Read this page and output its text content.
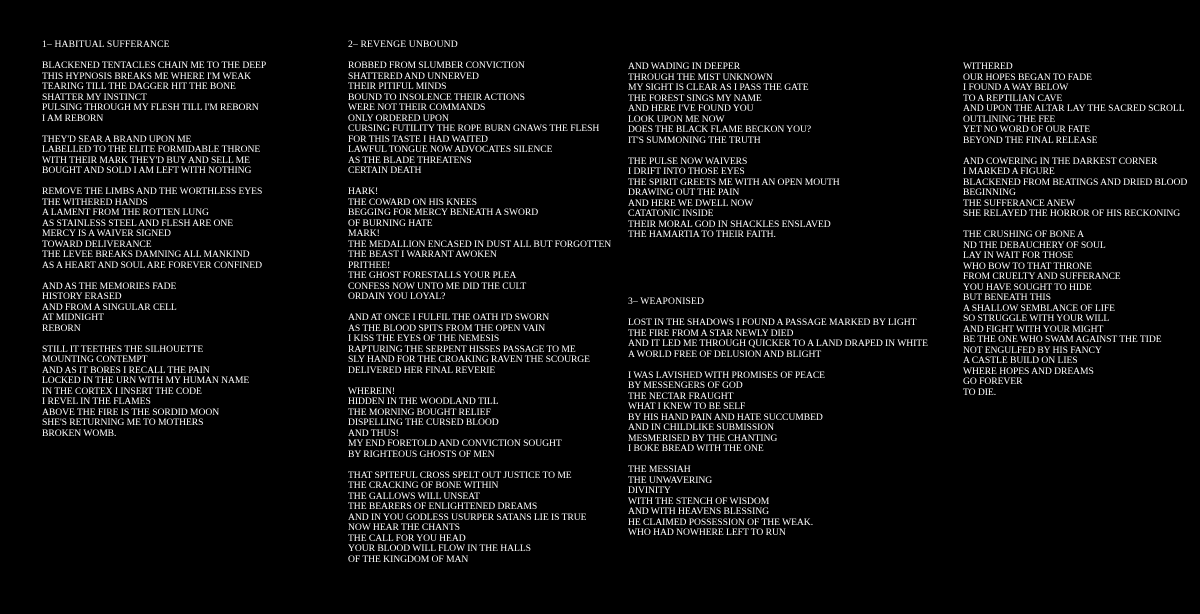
1– HABITUAL SUFFERANCE
BLACKENED TENTACLES CHAIN ME TO THE DEEP
THIS HYPNOSIS BREAKS ME WHERE I'M WEAK
TEARING TILL THE DAGGER HIT THE BONE
SHATTER MY INSTINCT
PULSING THROUGH MY FLESH TILL I'M REBORN
I AM REBORN
THEY'D SEAR A BRAND UPON ME
LABELLED TO THE ELITE FORMIDABLE THRONE
WITH THEIR MARK THEY'D BUY AND SELL ME
BOUGHT AND SOLD I AM LEFT WITH NOTHING
REMOVE THE LIMBS AND THE WORTHLESS EYES
THE WITHERED HANDS
A LAMENT FROM THE ROTTEN LUNG
AS STAINLESS STEEL AND FLESH ARE ONE
MERCY IS A WAIVER SIGNED
TOWARD DELIVERANCE
THE LEVEE BREAKS DAMNING ALL MANKIND
AS A HEART AND SOUL ARE FOREVER CONFINED
AND AS THE MEMORIES FADE
HISTORY ERASED
AND FROM A SINGULAR CELL
AT MIDNIGHT
REBORN
STILL IT TEETHES THE SILHOUETTE
MOUNTING CONTEMPT
AND AS IT BORES I RECALL THE PAIN
LOCKED IN THE URN WITH MY HUMAN NAME
IN THE CORTEX I INSERT THE CODE
I REVEL IN THE FLAMES
ABOVE THE FIRE IS THE SORDID MOON
SHE'S RETURNING ME TO MOTHERS
BROKEN WOMB.
2– REVENGE UNBOUND
ROBBED FROM SLUMBER CONVICTION
SHATTERED AND UNNERVED
THEIR PITIFUL MINDS
BOUND TO INSOLENCE THEIR ACTIONS
WERE NOT THEIR COMMANDS
ONLY ORDERED UPON
CURSING FUTILITY THE ROPE BURN GNAWS THE FLESH
FOR THIS TASTE I HAD WAITED
LAWFUL TONGUE NOW ADVOCATES SILENCE
AS THE BLADE THREATENS
CERTAIN DEATH
HARK!
THE COWARD ON HIS KNEES
BEGGING FOR MERCY BENEATH A SWORD
OF BURNING HATE
MARK!
THE MEDALLION ENCASED IN DUST ALL BUT FORGOTTEN
THE BEAST I WARRANT AWOKEN
PRITHEE!
THE GHOST FORESTALLS YOUR PLEA
CONFESS NOW UNTO ME DID THE CULT
ORDAIN YOU LOYAL?
AND AT ONCE I FULFIL THE OATH I'D SWORN
AS THE BLOOD SPITS FROM THE OPEN VAIN
I KISS THE EYES OF THE NEMESIS
RAPTURING THE SERPENT HISSES PASSAGE TO ME
SLY HAND FOR THE CROAKING RAVEN THE SCOURGE
DELIVERED HER FINAL REVERIE
WHEREIN!
HIDDEN IN THE WOODLAND TILL
THE MORNING BOUGHT RELIEF
DISPELLING THE CURSED BLOOD
AND THUS!
MY END FORETOLD AND CONVICTION SOUGHT
BY RIGHTEOUS GHOSTS OF MEN
THAT SPITEFUL CROSS SPELT OUT JUSTICE TO ME
THE CRACKING OF BONE WITHIN
THE GALLOWS WILL UNSEAT
THE BEARERS OF ENLIGHTENED DREAMS
AND IN YOU GODLESS USURPER SATANS LIE IS TRUE
NOW HEAR THE CHANTS
THE CALL FOR YOU HEAD
YOUR BLOOD WILL FLOW IN THE HALLS
OF THE KINGDOM OF MAN
AND WADING IN DEEPER
THROUGH THE MIST UNKNOWN
MY SIGHT IS CLEAR AS I PASS THE GATE
THE FOREST SINGS MY NAME
AND HERE I'VE FOUND YOU
LOOK UPON ME NOW
DOES THE BLACK FLAME BECKON YOU?
IT'S SUMMONING THE TRUTH
THE PULSE NOW WAIVERS
I DRIFT INTO THOSE EYES
THE SPIRIT GREETS ME WITH AN OPEN MOUTH
DRAWING OUT THE PAIN
AND HERE WE DWELL NOW
CATATONIC INSIDE
THEIR MORAL GOD IN SHACKLES ENSLAVED
THE HAMARTIA TO THEIR FAITH.
3– WEAPONISED
LOST IN THE SHADOWS I FOUND A PASSAGE MARKED BY LIGHT
THE FIRE FROM A STAR NEWLY DIED
AND IT LED ME THROUGH QUICKER TO A LAND DRAPED IN WHITE
A WORLD FREE OF DELUSION AND BLIGHT
I WAS LAVISHED WITH PROMISES OF PEACE
BY MESSENGERS OF GOD
THE NECTAR FRAUGHT
WHAT I KNEW TO BE SELF
BY HIS HAND PAIN AND HATE SUCCUMBED
AND IN CHILDLIKE SUBMISSION
MESMERISED BY THE CHANTING
I BOKE BREAD WITH THE ONE
THE MESSIAH
THE UNWAVERING
DIVINITY
WITH THE STENCH OF WISDOM
AND WITH HEAVENS BLESSING
HE CLAIMED POSSESSION OF THE WEAK.
WHO HAD NOWHERE LEFT TO RUN
WITHERED
OUR HOPES BEGAN TO FADE
I FOUND A WAY BELOW
TO A REPTILIAN CAVE
AND UPON THE ALTAR LAY THE SACRED SCROLL
OUTLINING THE FEE
YET NO WORD OF OUR FATE
BEYOND THE FINAL RELEASE
AND COWERING IN THE DARKEST CORNER
I MARKED A FIGURE
BLACKENED FROM BEATINGS AND DRIED BLOOD
BEGINNING
THE SUFFERANCE ANEW
SHE RELAYED THE HORROR OF HIS RECKONING
THE CRUSHING OF BONE A
ND THE DEBAUCHERY OF SOUL
LAY IN WAIT FOR THOSE
WHO BOW TO THAT THRONE
FROM CRUELTY AND SUFFERANCE
YOU HAVE SOUGHT TO HIDE
BUT BENEATH THIS
A SHALLOW SEMBLANCE OF LIFE
SO STRUGGLE WITH YOUR WILL
AND FIGHT WITH YOUR MIGHT
BE THE ONE WHO SWAM AGAINST THE TIDE
NOT ENGULFED BY HIS FANCY
A CASTLE BUILD ON LIES
WHERE HOPES AND DREAMS
GO FOREVER
TO DIE.
